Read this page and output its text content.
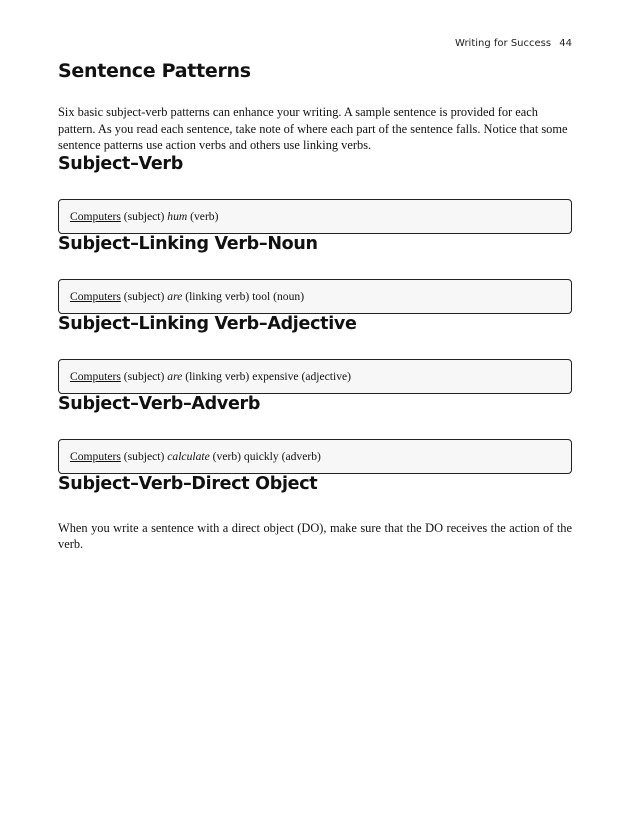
Writing for Success 44
Sentence Patterns

Six basic subject-verb patterns can enhance your writing. A sample sentence is provided for each pattern. As you read each sentence, take note of where each part of the sentence falls. Notice that some sentence patterns use action verbs and others use linking verbs.

Subject–Verb
Computers (subject) hum (verb)
Subject–Linking Verb–Noun
Computers (subject) are (linking verb) tool (noun)
Subject–Linking Verb–Adjective
Computers (subject) are (linking verb) expensive (adjective)
Subject–Verb–Adverb
Computers (subject) calculate (verb) quickly (adverb)
Subject–Verb–Direct Object

When you write a sentence with a direct object (DO), make sure that the DO receives the action of the verb.
